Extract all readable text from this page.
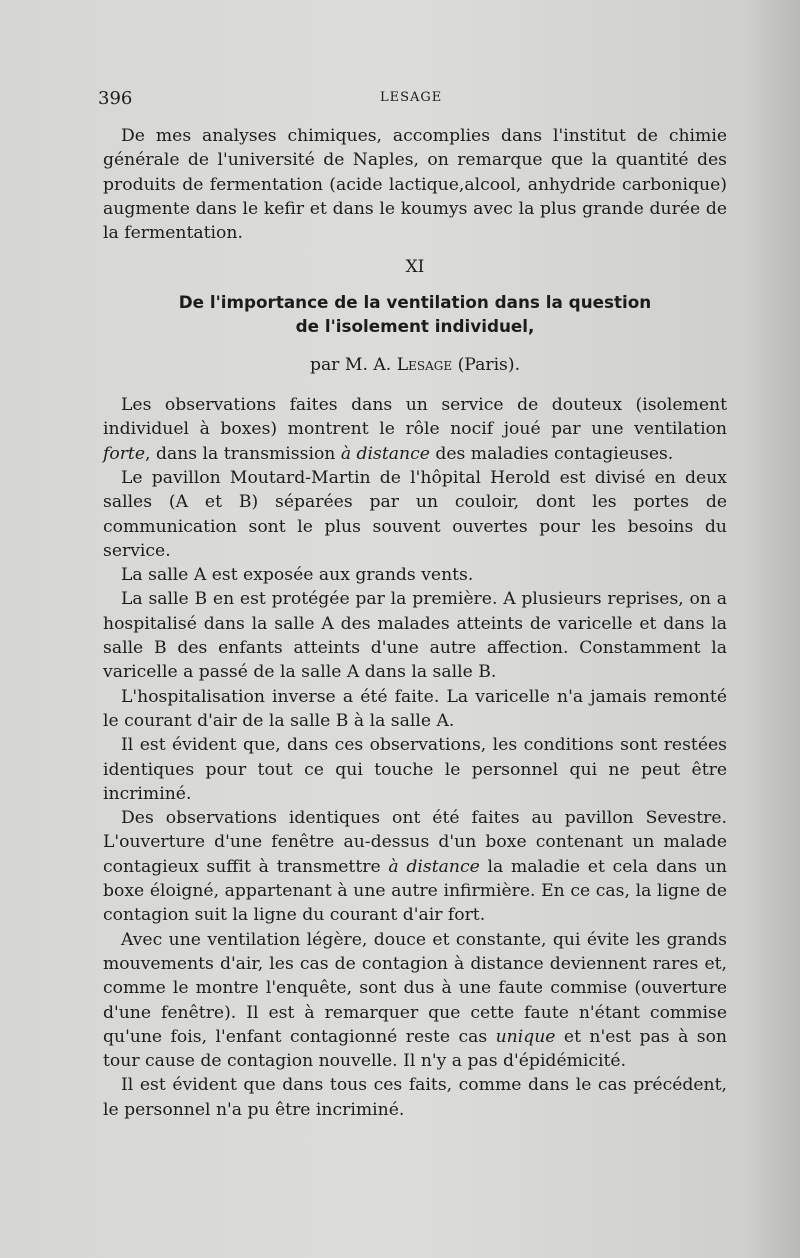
396	LESAGE

De mes analyses chimiques, accomplies dans l'institut de chimie générale de l'université de Naples, on remarque que la quantité des produits de fermentation (acide lactique,alcool, anhydride carbonique) augmente dans le kefir et dans le koumys avec la plus grande durée de la fermentation.

XI
De l'importance de la ventilation dans la question
de l'isolement individuel,
par M. A. Lesage (Paris).

Les observations faites dans un service de douteux (isolement individuel à boxes) montrent le rôle nocif joué par une ventilation forte, dans la transmission à distance des maladies contagieuses.

Le pavillon Moutard-Martin de l'hôpital Herold est divisé en deux salles (A et B) séparées par un couloir, dont les portes de communication sont le plus souvent ouvertes pour les besoins du service.

La salle A est exposée aux grands vents.

La salle B en est protégée par la première. A plusieurs reprises, on a hospitalisé dans la salle A des malades atteints de varicelle et dans la salle B des enfants atteints d'une autre affection. Constamment la varicelle a passé de la salle A dans la salle B.

L'hospitalisation inverse a été faite. La varicelle n'a jamais remonté le courant d'air de la salle B à la salle A.

Il est évident que, dans ces observations, les conditions sont restées identiques pour tout ce qui touche le personnel qui ne peut être incriminé.

Des observations identiques ont été faites au pavillon Sevestre. L'ouverture d'une fenêtre au-dessus d'un boxe contenant un malade contagieux suffit à transmettre à distance la maladie et cela dans un boxe éloigné, appartenant à une autre infirmière. En ce cas, la ligne de contagion suit la ligne du courant d'air fort.

Avec une ventilation légère, douce et constante, qui évite les grands mouvements d'air, les cas de contagion à distance deviennent rares et, comme le montre l'enquête, sont dus à une faute commise (ouverture d'une fenêtre). Il est à remarquer que cette faute n'étant commise qu'une fois, l'enfant contagionné reste cas unique et n'est pas à son tour cause de contagion nouvelle. Il n'y a pas d'épidémicité.

Il est évident que dans tous ces faits, comme dans le cas précédent, le personnel n'a pu être incriminé.
